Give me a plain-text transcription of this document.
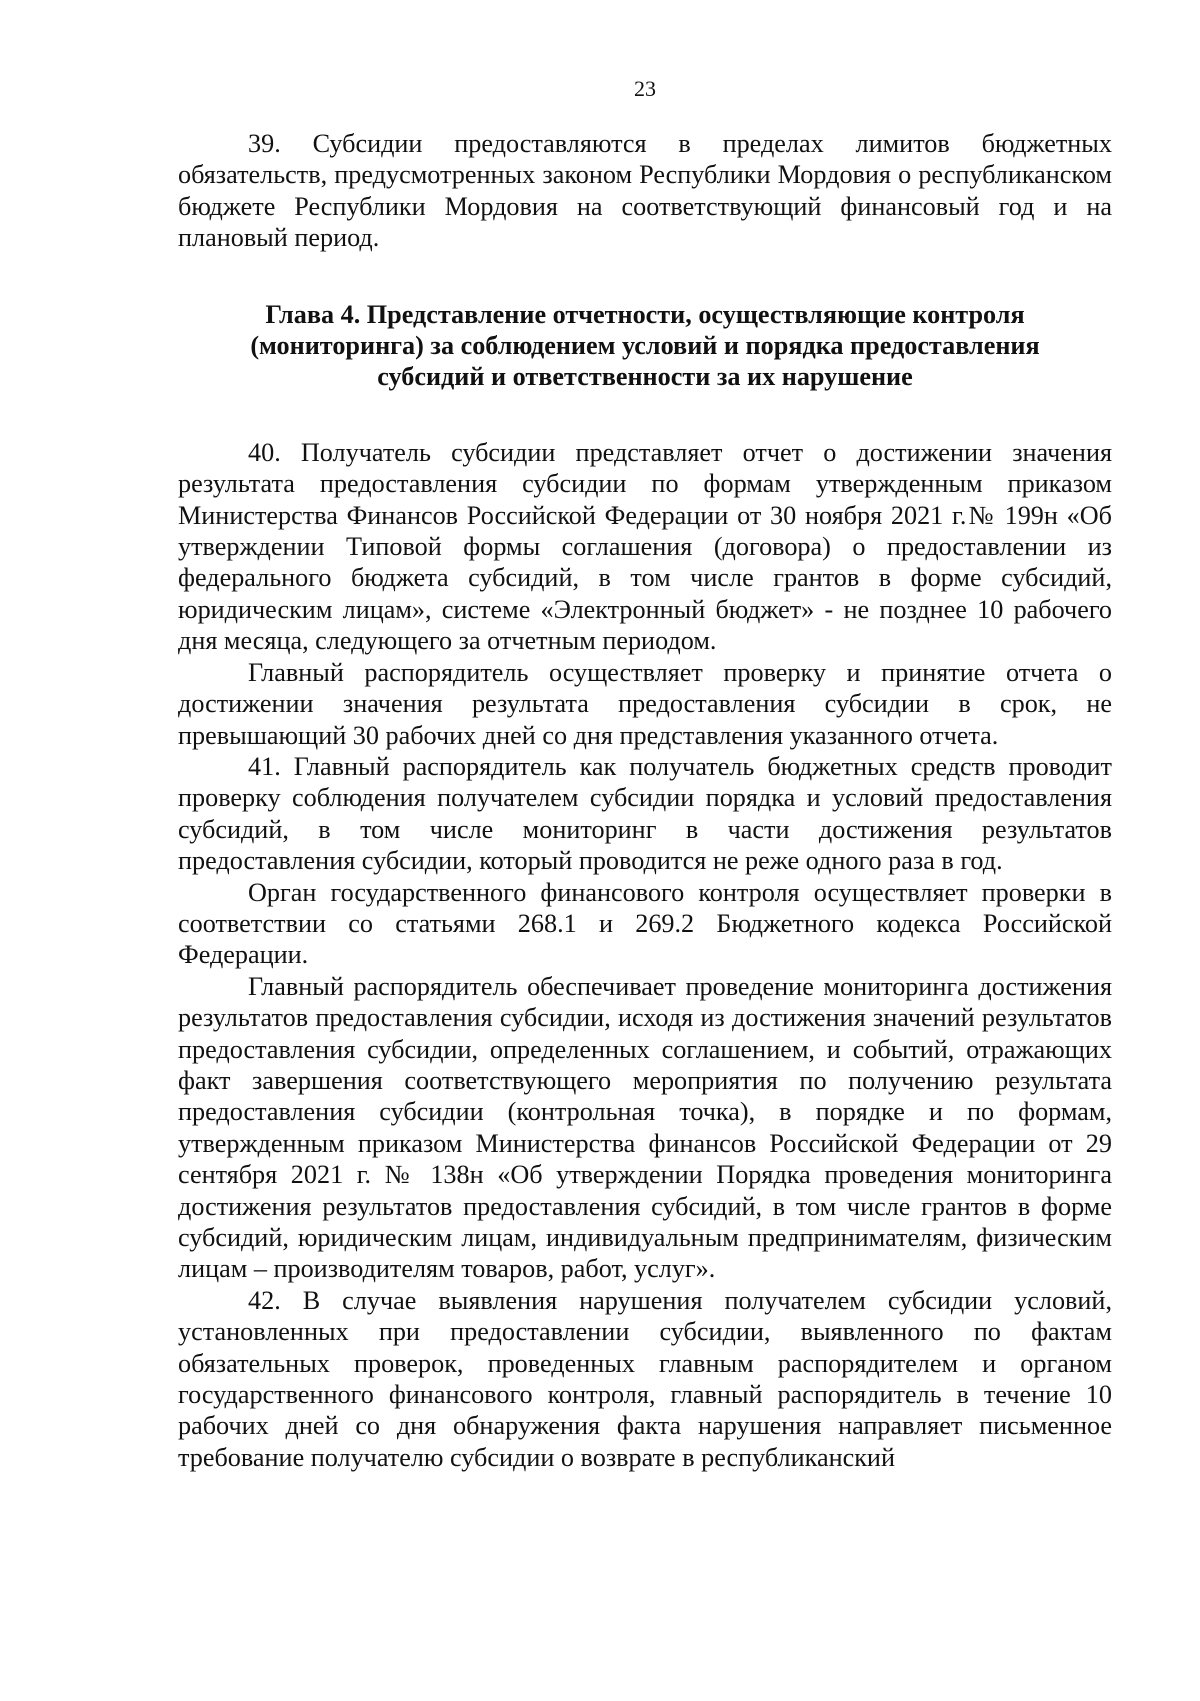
23

39. Субсидии предоставляются в пределах лимитов бюджетных обязательств, предусмотренных законом Республики Мордовия о республиканском бюджете Республики Мордовия на соответствующий финансовый год и на плановый период.

Глава 4. Представление отчетности, осуществляющие контроля
(мониторинга) за соблюдением условий и порядка предоставления
субсидий и ответственности за их нарушение

40. Получатель субсидии представляет отчет о достижении значения результата предоставления субсидии по формам утвержденным приказом Министерства Финансов Российской Федерации от 30 ноября 2021 г.№ 199н «Об утверждении Типовой формы соглашения (договора) о предоставлении из федерального бюджета субсидий, в том числе грантов в форме субсидий, юридическим лицам», системе «Электронный бюджет» - не позднее 10 рабочего дня месяца, следующего за отчетным периодом.

Главный распорядитель осуществляет проверку и принятие отчета о достижении значения результата предоставления субсидии в срок, не превышающий 30 рабочих дней со дня представления указанного отчета.

41. Главный распорядитель как получатель бюджетных средств проводит проверку соблюдения получателем субсидии порядка и условий предоставления субсидий, в том числе мониторинг в части достижения результатов предоставления субсидии, который проводится не реже одного раза в год.

Орган государственного финансового контроля осуществляет проверки в соответствии со статьями 268.1 и 269.2 Бюджетного кодекса Российской Федерации.

Главный распорядитель обеспечивает проведение мониторинга достижения результатов предоставления субсидии, исходя из достижения значений результатов предоставления субсидии, определенных соглашением, и событий, отражающих факт завершения соответствующего мероприятия по получению результата предоставления субсидии (контрольная точка), в порядке и по формам, утвержденным приказом Министерства финансов Российской Федерации от 29 сентября 2021 г. № 138н «Об утверждении Порядка проведения мониторинга достижения результатов предоставления субсидий, в том числе грантов в форме субсидий, юридическим лицам, индивидуальным предпринимателям, физическим лицам – производителям товаров, работ, услуг».

42. В случае выявления нарушения получателем субсидии условий, установленных при предоставлении субсидии, выявленного по фактам обязательных проверок, проведенных главным распорядителем и органом государственного финансового контроля, главный распорядитель в течение 10 рабочих дней со дня обнаружения факта нарушения направляет письменное требование получателю субсидии о возврате в республиканский
